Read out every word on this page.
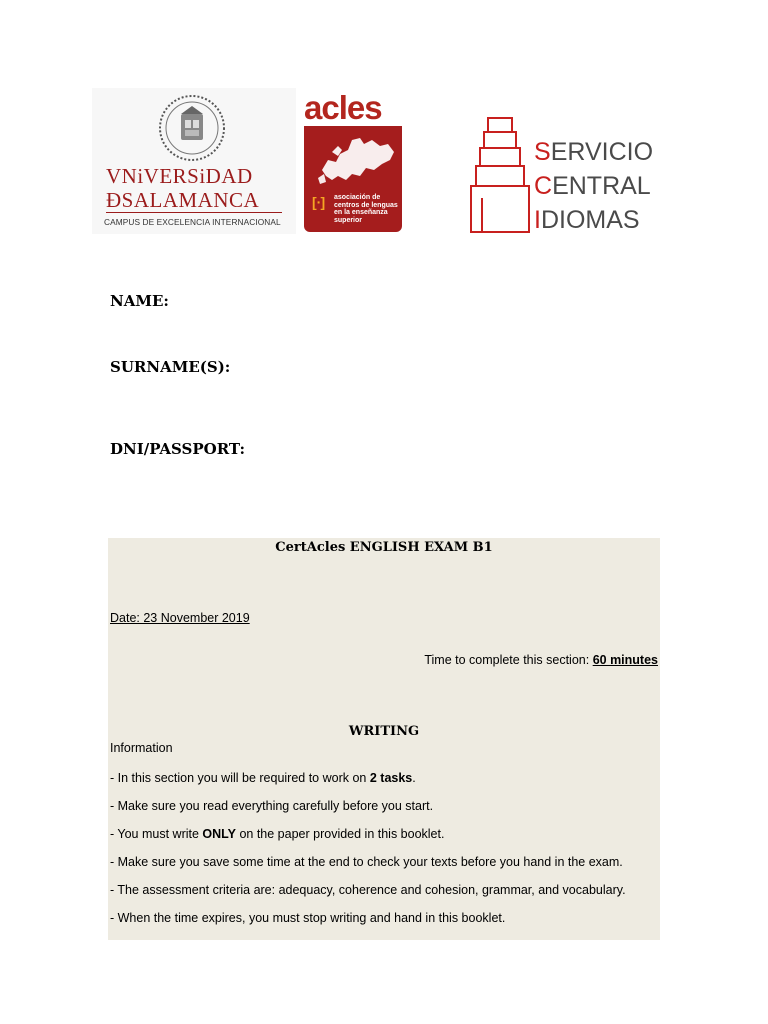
VNiVERSiDAD
ÐSALAMANCA
CAMPUS DE EXCELENCIA INTERNACIONAL
acles
asociación de centros de lenguas en la enseñanza superior
[∙]
SERVICIO
CENTRAL
IDIOMAS
NAME:
SURNAME(S):
DNI/PASSPORT:
CertAcles ENGLISH EXAM B1
Date: 23 November 2019
Time to complete this section: 60 minutes
WRITING
Information
- In this section you will be required to work on 2 tasks.
- Make sure you read everything carefully before you start.
- You must write ONLY on the paper provided in this booklet.
- Make sure you save some time at the end to check your texts before you hand in the exam.
- The assessment criteria are: adequacy, coherence and cohesion, grammar, and vocabulary.
- When the time expires, you must stop writing and hand in this booklet.
